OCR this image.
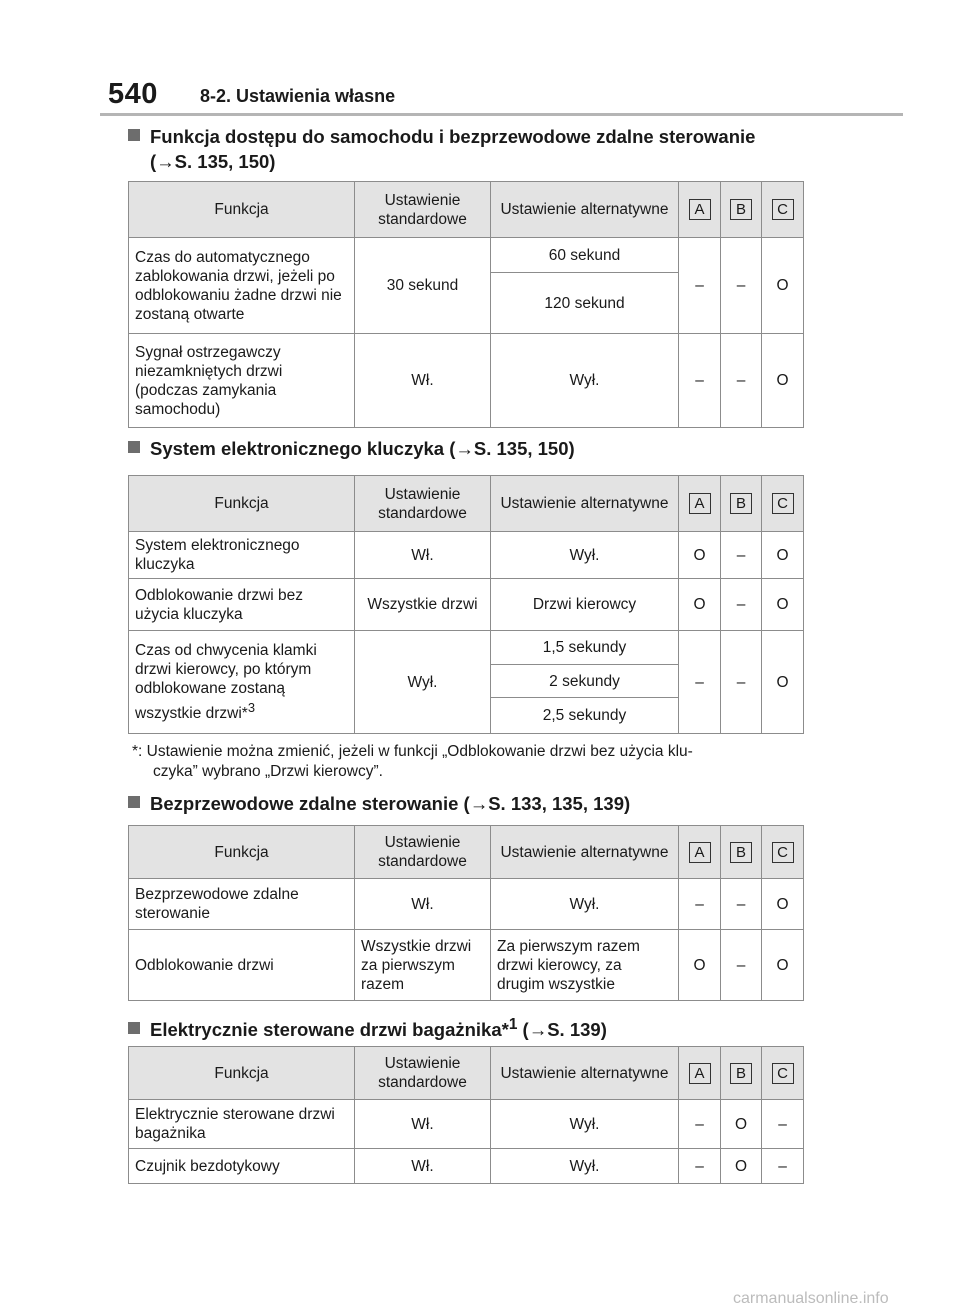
540 8-2. Ustawienia własne
Funkcja dostępu do samochodu i bezprzewodowe zdalne sterowanie
(→S. 135, 150)
Funkcja	Ustawienie standardowe	Ustawienie alternatywne	A	B	C
Czas do automatycznego zablokowania drzwi, jeżeli po odblokowaniu żadne drzwi nie zostaną otwarte	30 sekund	60 sekund	–	–	O
		120 sekund			
Sygnał ostrzegawczy niezamkniętych drzwi (podczas zamykania samochodu)	Wł.	Wył.	–	–	O
System elektronicznego kluczyka (→S. 135, 150)
Funkcja	Ustawienie standardowe	Ustawienie alternatywne	A	B	C
System elektronicznego kluczyka	Wł.	Wył.	O	–	O
Odblokowanie drzwi bez użycia kluczyka	Wszystkie drzwi	Drzwi kierowcy	O	–	O
Czas od chwycenia klamki drzwi kierowcy, po którym odblokowane zostaną wszystkie drzwi*$^3$	Wył.	1,5 sekundy	–	–	O
		2 sekundy			
		2,5 sekundy			
*: Ustawienie można zmienić, jeżeli w funkcji „Odblokowanie drzwi bez użycia klu-
czyka” wybrano „Drzwi kierowcy”.
Bezprzewodowe zdalne sterowanie (→S. 133, 135, 139)
Funkcja	Ustawienie standardowe	Ustawienie alternatywne	A	B	C
Bezprzewodowe zdalne sterowanie	Wł.	Wył.	–	–	O
Odblokowanie drzwi	Wszystkie drzwi za pierwszym razem	Za pierwszym razem drzwi kierowcy, za drugim wszystkie	O	–	O
Elektrycznie sterowane drzwi bagażnika*$^1$ (→S. 139)
Funkcja	Ustawienie standardowe	Ustawienie alternatywne	A	B	C
Elektrycznie sterowane drzwi bagażnika	Wł.	Wył.	–	O	–
Czujnik bezdotykowy	Wł.	Wył.	–	O	–
carmanualsonline.info
